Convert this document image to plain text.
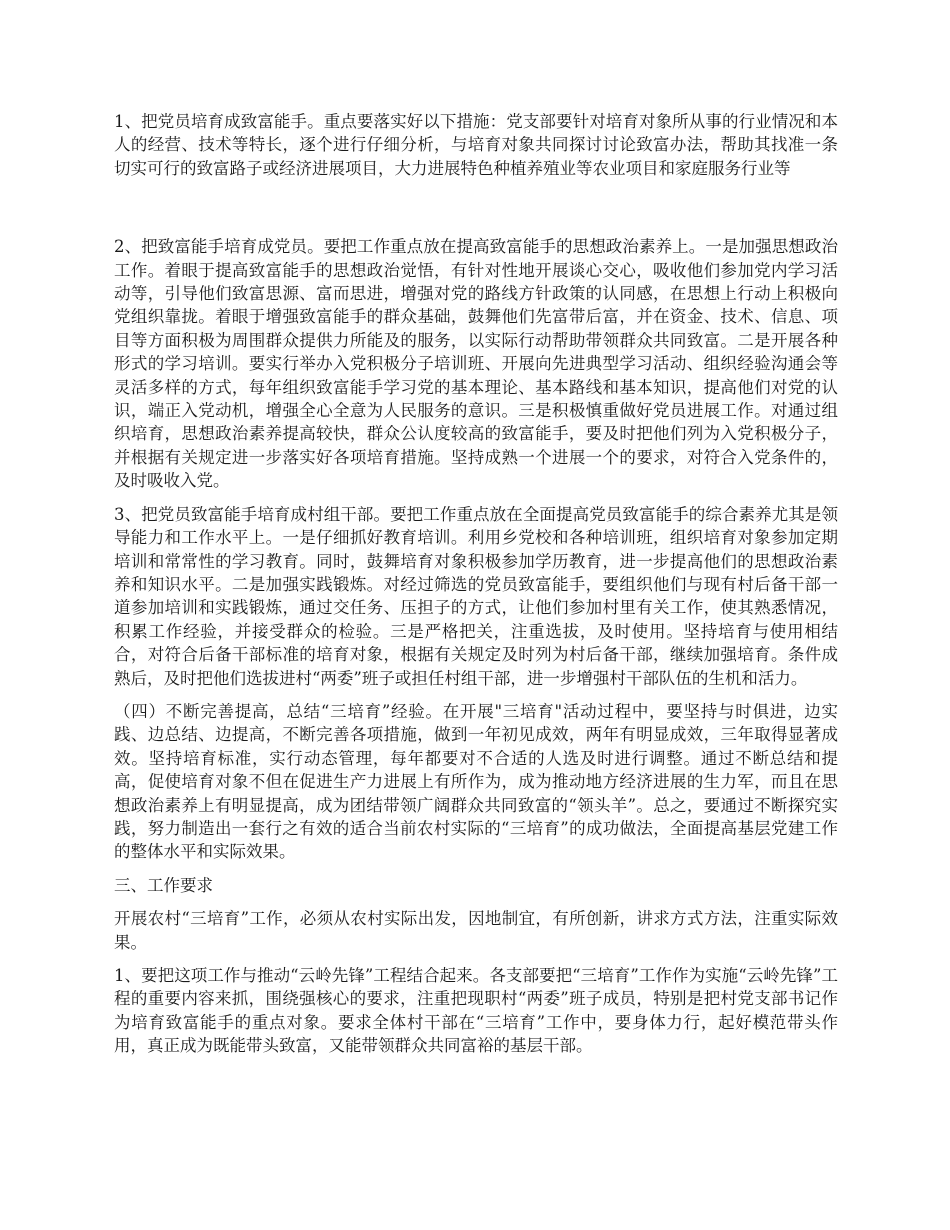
1、把党员培育成致富能手。重点要落实好以下措施：党支部要针对培育对象所从事的行业情况和本人的经营、技术等特长，逐个进行仔细分析，与培育对象共同探讨讨论致富办法，帮助其找准一条切实可行的致富路子或经济进展项目，大力进展特色种植养殖业等农业项目和家庭服务行业等

2、把致富能手培育成党员。要把工作重点放在提高致富能手的思想政治素养上。一是加强思想政治工作。着眼于提高致富能手的思想政治觉悟，有针对性地开展谈心交心，吸收他们参加党内学习活动等，引导他们致富思源、富而思进，增强对党的路线方针政策的认同感，在思想上行动上积极向党组织靠拢。着眼于增强致富能手的群众基础，鼓舞他们先富带后富，并在资金、技术、信息、项目等方面积极为周围群众提供力所能及的服务，以实际行动帮助带领群众共同致富。二是开展各种形式的学习培训。要实行举办入党积极分子培训班、开展向先进典型学习活动、组织经验沟通会等灵活多样的方式，每年组织致富能手学习党的基本理论、基本路线和基本知识，提高他们对党的认识，端正入党动机，增强全心全意为人民服务的意识。三是积极慎重做好党员进展工作。对通过组织培育，思想政治素养提高较快，群众公认度较高的致富能手，要及时把他们列为入党积极分子，并根据有关规定进一步落实好各项培育措施。坚持成熟一个进展一个的要求，对符合入党条件的，及时吸收入党。

3、把党员致富能手培育成村组干部。要把工作重点放在全面提高党员致富能手的综合素养尤其是领导能力和工作水平上。一是仔细抓好教育培训。利用乡党校和各种培训班，组织培育对象参加定期培训和常常性的学习教育。同时，鼓舞培育对象积极参加学历教育，进一步提高他们的思想政治素养和知识水平。二是加强实践锻炼。对经过筛选的党员致富能手，要组织他们与现有村后备干部一道参加培训和实践锻炼，通过交任务、压担子的方式，让他们参加村里有关工作，使其熟悉情况，积累工作经验，并接受群众的检验。三是严格把关，注重选拔，及时使用。坚持培育与使用相结合，对符合后备干部标准的培育对象，根据有关规定及时列为村后备干部，继续加强培育。条件成熟后，及时把他们选拔进村“两委”班子或担任村组干部，进一步增强村干部队伍的生机和活力。

（四）不断完善提高，总结“三培育”经验。在开展"三培育"活动过程中，要坚持与时俱进，边实践、边总结、边提高，不断完善各项措施，做到一年初见成效，两年有明显成效，三年取得显著成效。坚持培育标准，实行动态管理，每年都要对不合适的人选及时进行调整。通过不断总结和提高，促使培育对象不但在促进生产力进展上有所作为，成为推动地方经济进展的生力军，而且在思想政治素养上有明显提高，成为团结带领广阔群众共同致富的“领头羊”。总之，要通过不断探究实践，努力制造出一套行之有效的适合当前农村实际的“三培育”的成功做法，全面提高基层党建工作的整体水平和实际效果。

三、工作要求

开展农村“三培育”工作，必须从农村实际出发，因地制宜，有所创新，讲求方式方法，注重实际效果。

1、要把这项工作与推动“云岭先锋”工程结合起来。各支部要把“三培育”工作作为实施“云岭先锋”工程的重要内容来抓，围绕强核心的要求，注重把现职村“两委”班子成员，特别是把村党支部书记作为培育致富能手的重点对象。要求全体村干部在“三培育”工作中，要身体力行，起好模范带头作用，真正成为既能带头致富，又能带领群众共同富裕的基层干部。
